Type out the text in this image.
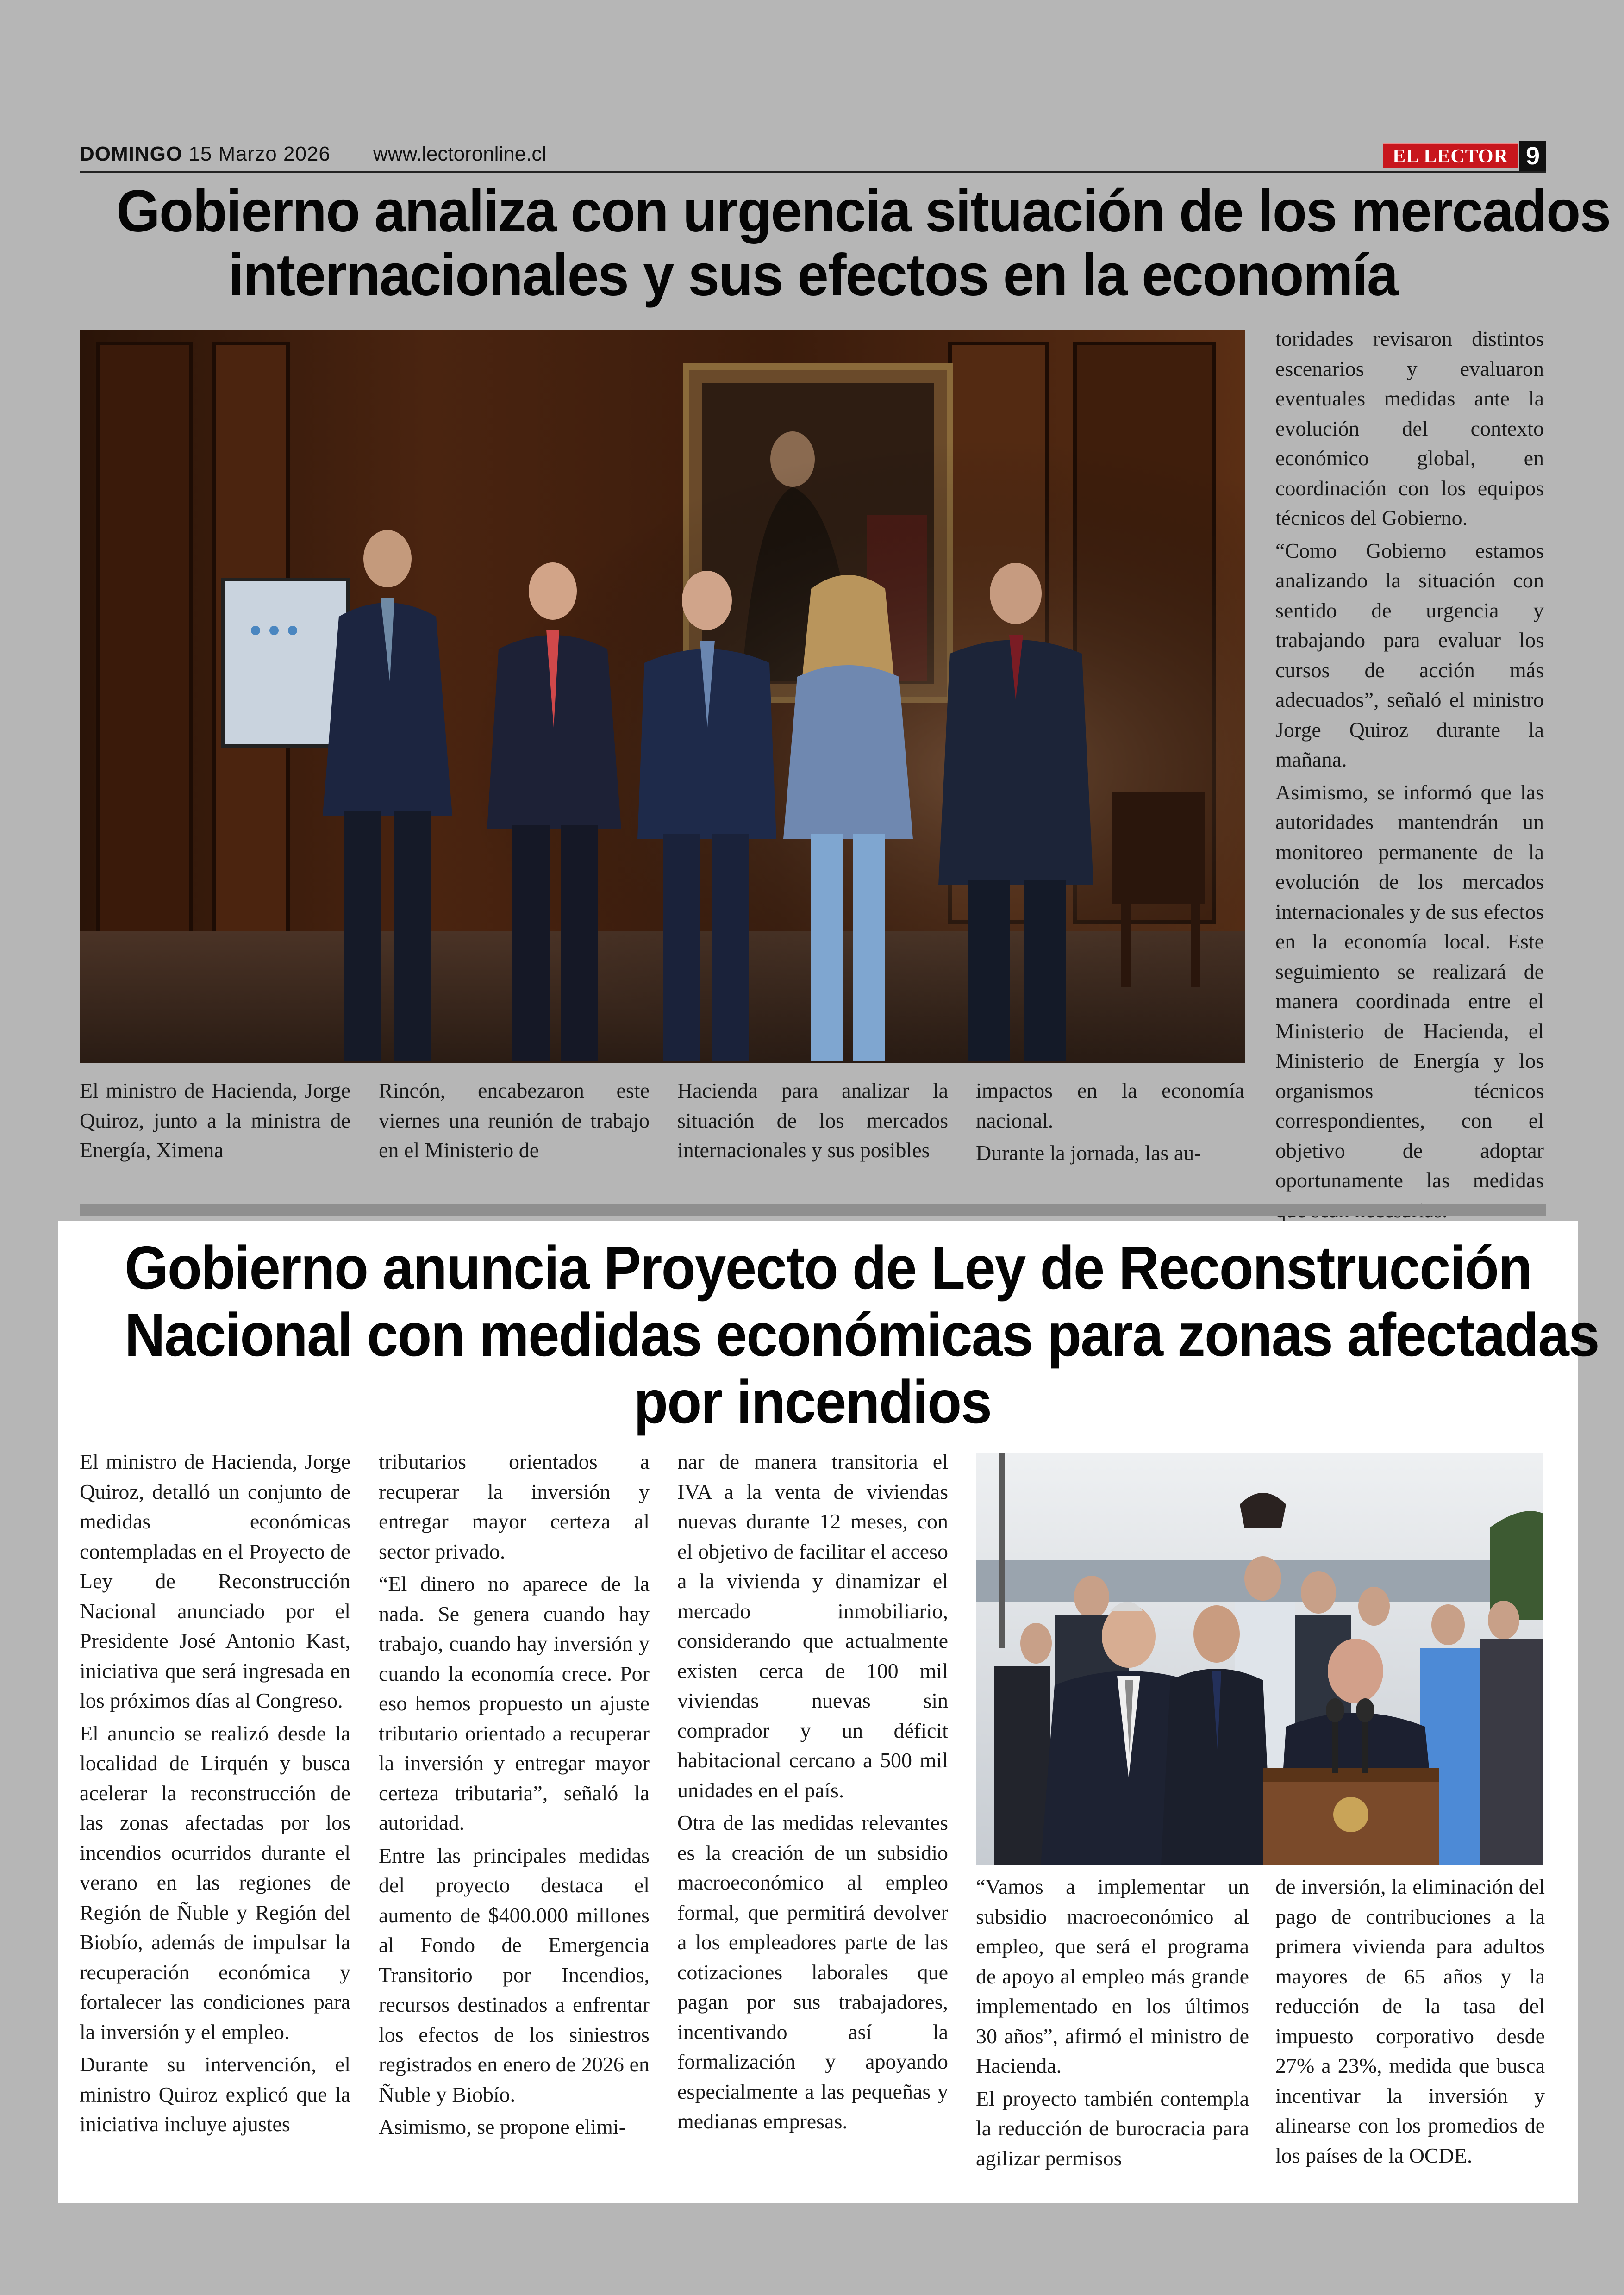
DOMINGO 15 Marzo 2026 www.lectoronline.cl	EL LECTOR 9
Gobierno analiza con urgencia situación de los mercados
internacionales y sus efectos en la economía

El ministro de Hacienda, Jorge Quiroz, junto a la ministra de Energía, Ximena

Rincón, encabezaron este viernes una reunión de trabajo en el Ministerio de

Hacienda para analizar la situación de los mercados internacionales y sus posibles

impactos en la economía nacional.

Durante la jornada, las au-

toridades revisaron distintos escenarios y evaluaron eventuales medidas ante la evolución del contexto económico global, en coordinación con los equipos técnicos del Gobierno.

“Como Gobierno estamos analizando la situación con sentido de urgencia y trabajando para evaluar los cursos de acción más adecuados”, señaló el ministro Jorge Quiroz durante la mañana.

Asimismo, se informó que las autoridades mantendrán un monitoreo permanente de la evolución de los mercados internacionales y de sus efectos en la economía local. Este seguimiento se realizará de manera coordinada entre el Ministerio de Hacienda, el Ministerio de Energía y los organismos técnicos correspondientes, con el objetivo de adoptar oportunamente las medidas

Gobierno anuncia Proyecto de Ley de Reconstrucción
Nacional con medidas económicas para zonas afectadas
por incendios

El ministro de Hacienda, Jorge Quiroz, detalló un conjunto de medidas económicas contempladas en el Proyecto de Ley de Reconstrucción Nacional anunciado por el Presidente José Antonio Kast, iniciativa que será ingresada en los próximos días al Congreso.

El anuncio se realizó desde la localidad de Lirquén y busca acelerar la reconstrucción de las zonas afectadas por los incendios ocurridos durante el verano en las regiones de Región de Ñuble y Región del Biobío, además de impulsar la recuperación económica y fortalecer las condiciones para la inversión y el empleo.

Durante su intervención, el ministro Quiroz explicó que la iniciativa incluye ajustes

tributarios orientados a recuperar la inversión y entregar mayor certeza al sector privado.

“El dinero no aparece de la nada. Se genera cuando hay trabajo, cuando hay inversión y cuando la economía crece. Por eso hemos propuesto un ajuste tributario orientado a recuperar la inversión y entregar mayor certeza tributaria”, señaló la autoridad.

Entre las principales medidas del proyecto destaca el aumento de $400.000 millones al Fondo de Emergencia Transitorio por Incendios, recursos destinados a enfrentar los efectos de los siniestros registrados en enero de 2026 en Ñuble y Biobío.

Asimismo, se propone elimi-

nar de manera transitoria el IVA a la venta de viviendas nuevas durante 12 meses, con el objetivo de facilitar el acceso a la vivienda y dinamizar el mercado inmobiliario, considerando que actualmente existen cerca de 100 mil viviendas nuevas sin comprador y un déficit habitacional cercano a 500 mil unidades en el país.

Otra de las medidas relevantes es la creación de un subsidio macroeconómico al empleo formal, que permitirá devolver a los empleadores parte de las cotizaciones laborales que pagan por sus trabajadores, incentivando así la formalización y apoyando especialmente a las pequeñas y medianas empresas.

“Vamos a implementar un subsidio macroeconómico al empleo, que será el programa de apoyo al empleo más grande implementado en los últimos 30 años”, afirmó el ministro de Hacienda.

El proyecto también contempla la reducción de burocracia para agilizar permisos

de inversión, la eliminación del pago de contribuciones a la primera vivienda para adultos mayores de 65 años y la reducción de la tasa del impuesto corporativo desde 27% a 23%, medida que busca incentivar la inversión y alinearse con los promedios de los países de la OCDE.
